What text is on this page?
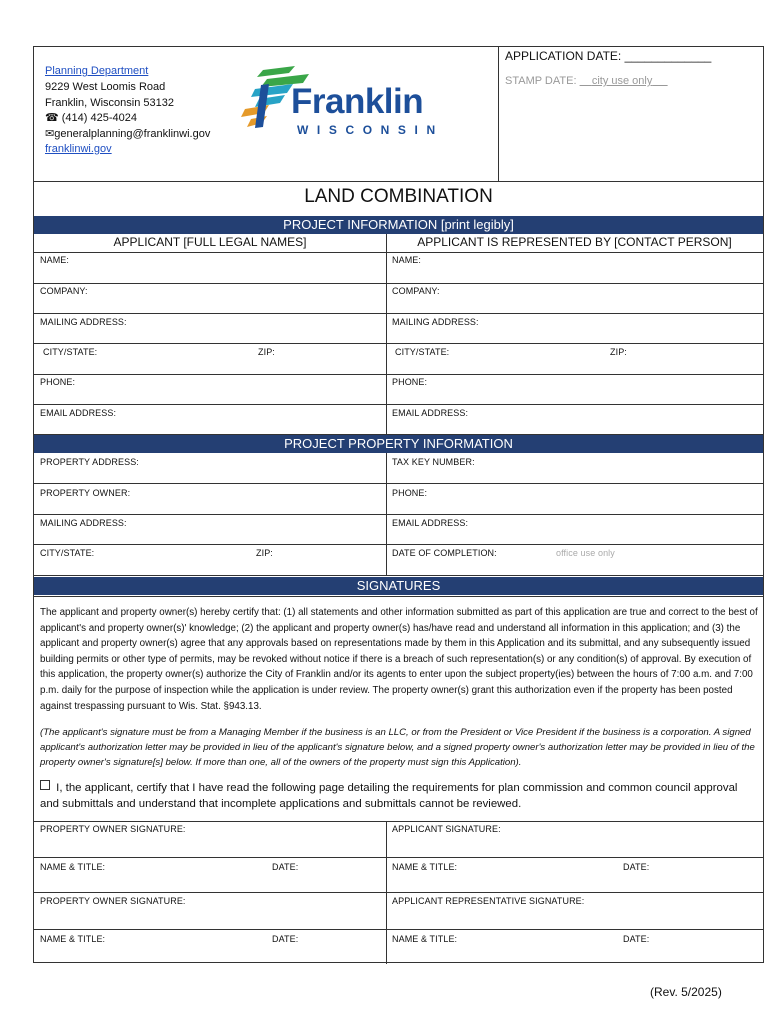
Planning Department
9229 West Loomis Road
Franklin, Wisconsin 53132
☎ (414) 425-4024
✉generalplanning@franklinwi.gov
franklinwi.gov
Franklin
WISCONSIN
APPLICATION DATE: _____________
STAMP DATE: city use only
LAND COMBINATION
PROJECT INFORMATION [print legibly]
APPLICANT [FULL LEGAL NAMES]	APPLICANT IS REPRESENTED BY [CONTACT PERSON]
NAME:	NAME:
COMPANY:	COMPANY:
MAILING ADDRESS:	MAILING ADDRESS:
CITY/STATE:	ZIP:	CITY/STATE:	ZIP:
PHONE:	PHONE:
EMAIL ADDRESS:	EMAIL ADDRESS:
PROJECT PROPERTY INFORMATION
PROPERTY ADDRESS:	TAX KEY NUMBER:
PROPERTY OWNER:	PHONE:
MAILING ADDRESS:	EMAIL ADDRESS:
CITY/STATE:	ZIP:	DATE OF COMPLETION:	office use only
SIGNATURES
The applicant and property owner(s) hereby certify that: (1) all statements and other information submitted as part of this application are true and correct to the best of applicant's and property owner(s)' knowledge; (2) the applicant and property owner(s) has/have read and understand all information in this application; and (3) the applicant and property owner(s) agree that any approvals based on representations made by them in this Application and its submittal, and any subsequently issued building permits or other type of permits, may be revoked without notice if there is a breach of such representation(s) or any condition(s) of approval. By execution of this application, the property owner(s) authorize the City of Franklin and/or its agents to enter upon the subject property(ies) between the hours of 7:00 a.m. and 7:00 p.m. daily for the purpose of inspection while the application is under review. The property owner(s) grant this authorization even if the property has been posted against trespassing pursuant to Wis. Stat. §943.13.
(The applicant's signature must be from a Managing Member if the business is an LLC, or from the President or Vice President if the business is a corporation. A signed applicant's authorization letter may be provided in lieu of the applicant's signature below, and a signed property owner's authorization letter may be provided in lieu of the property owner's signature[s] below. If more than one, all of the owners of the property must sign this Application).
I, the applicant, certify that I have read the following page detailing the requirements for plan commission and common council approval and submittals and understand that incomplete applications and submittals cannot be reviewed.
PROPERTY OWNER SIGNATURE:	APPLICANT SIGNATURE:
NAME & TITLE:	DATE:	NAME & TITLE:	DATE:
PROPERTY OWNER SIGNATURE:	APPLICANT REPRESENTATIVE SIGNATURE:
NAME & TITLE:	DATE:	NAME & TITLE:	DATE:
(Rev. 5/2025)
